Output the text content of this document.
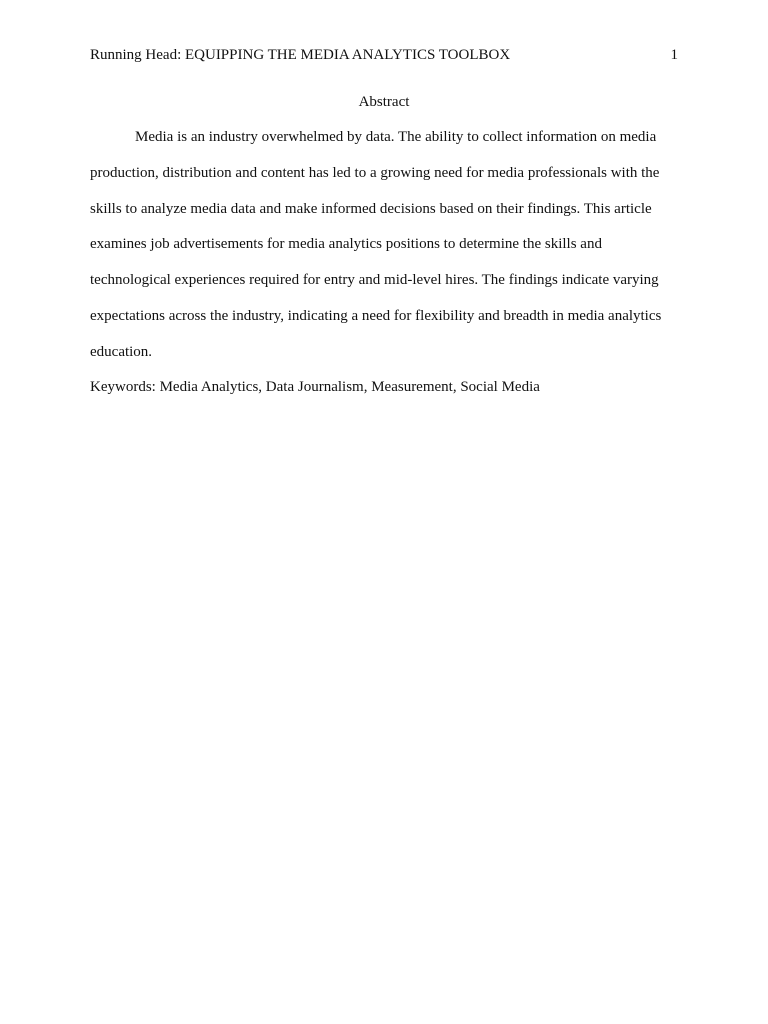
Running Head: EQUIPPING THE MEDIA ANALYTICS TOOLBOX	1
Abstract

Media is an industry overwhelmed by data. The ability to collect information on media production, distribution and content has led to a growing need for media professionals with the skills to analyze media data and make informed decisions based on their findings. This article examines job advertisements for media analytics positions to determine the skills and technological experiences required for entry and mid-level hires. The findings indicate varying expectations across the industry, indicating a need for flexibility and breadth in media analytics education.

Keywords: Media Analytics, Data Journalism, Measurement, Social Media
